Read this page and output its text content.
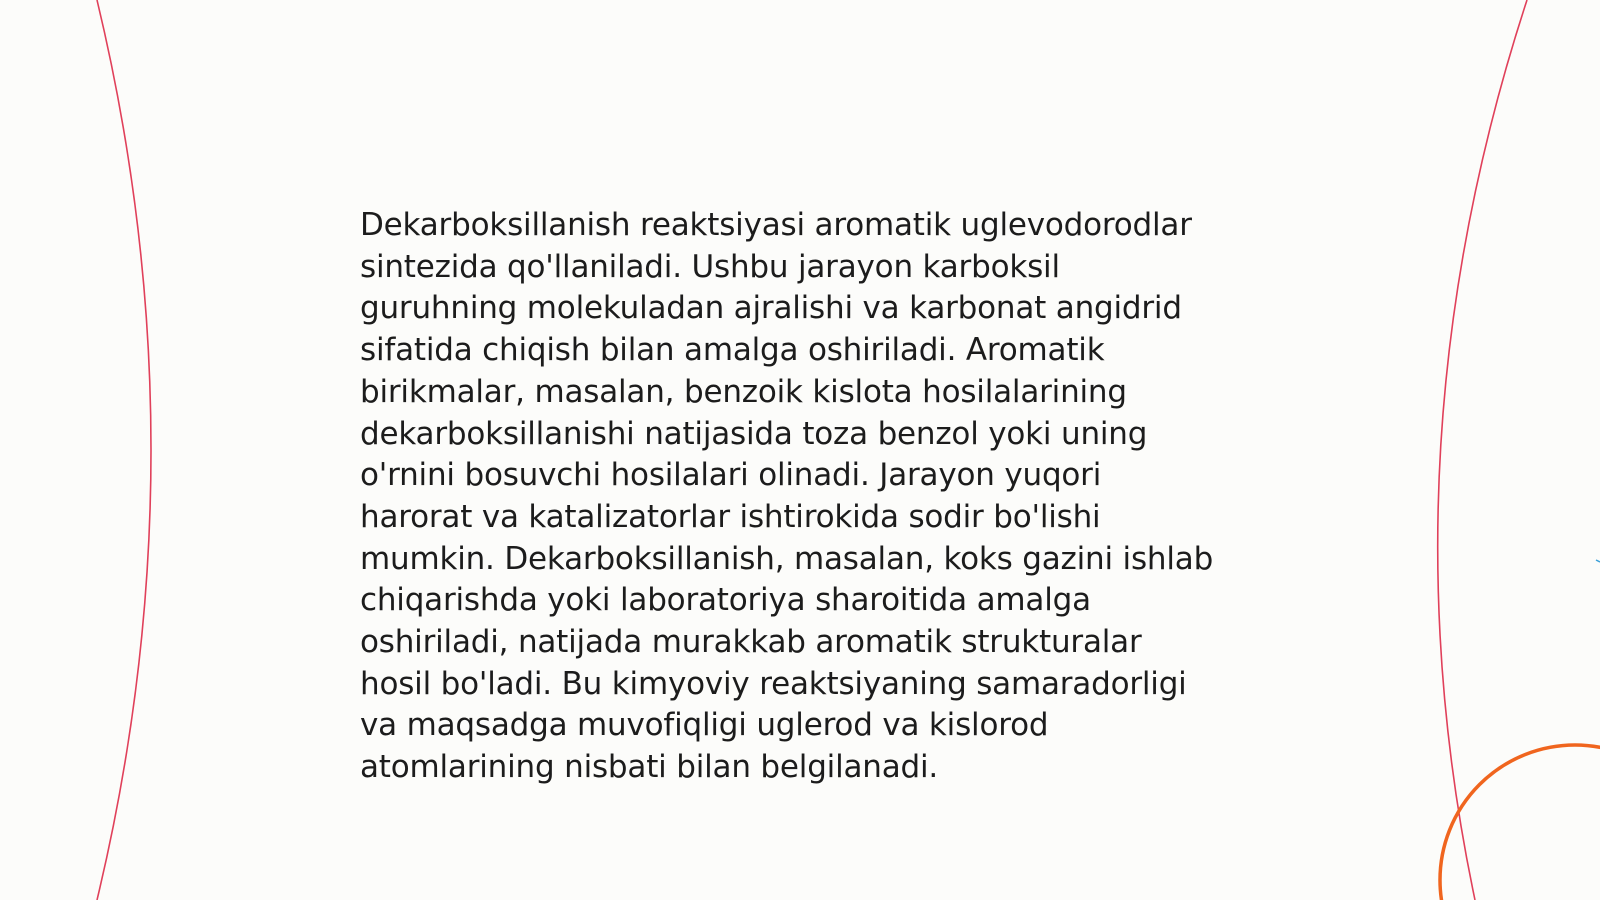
Dekarboksillanish reaktsiyasi aromatik uglevodorodlar sintezida qo'llaniladi. Ushbu jarayon karboksil guruhning molekuladan ajralishi va karbonat angidrid sifatida chiqish bilan amalga oshiriladi. Aromatik birikmalar, masalan, benzoik kislota hosilalarining dekarboksillanishi natijasida toza benzol yoki uning o'rnini bosuvchi hosilalari olinadi. Jarayon yuqori harorat va katalizatorlar ishtirokida sodir bo'lishi mumkin. Dekarboksillanish, masalan, koks gazini ishlab chiqarishda yoki laboratoriya sharoitida amalga oshiriladi, natijada murakkab aromatik strukturalar hosil bo'ladi. Bu kimyoviy reaktsiyaning samaradorligi va maqsadga muvofiqligi uglerod va kislorod atomlarining nisbati bilan belgilanadi.
